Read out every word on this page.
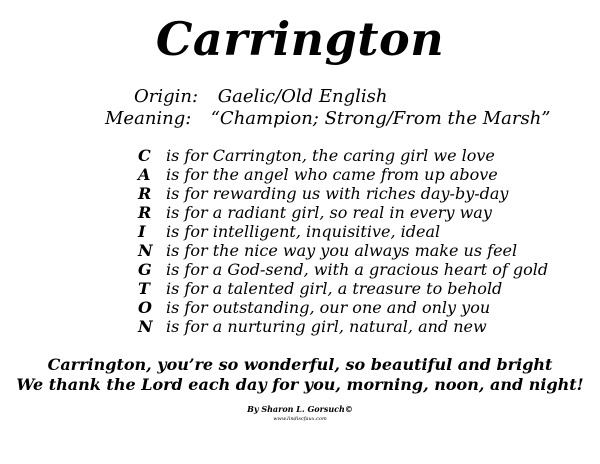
Carrington
Origin: Gaelic/Old English
Meaning: “Champion; Strong/From the Marsh”
C is for Carrington, the caring girl we love
A is for the angel who came from up above
R is for rewarding us with riches day-by-day
R is for a radiant girl, so real in every way
I is for intelligent, inquisitive, ideal
N is for the nice way you always make us feel
G is for a God-send, with a gracious heart of gold
T is for a talented girl, a treasure to behold
O is for outstanding, our one and only you
N is for a nurturing girl, natural, and new
Carrington, you’re so wonderful, so beautiful and bright
We thank the Lord each day for you, morning, noon, and night!
By Sharon L. Gorsuch©
www.lindiscfaux.com
